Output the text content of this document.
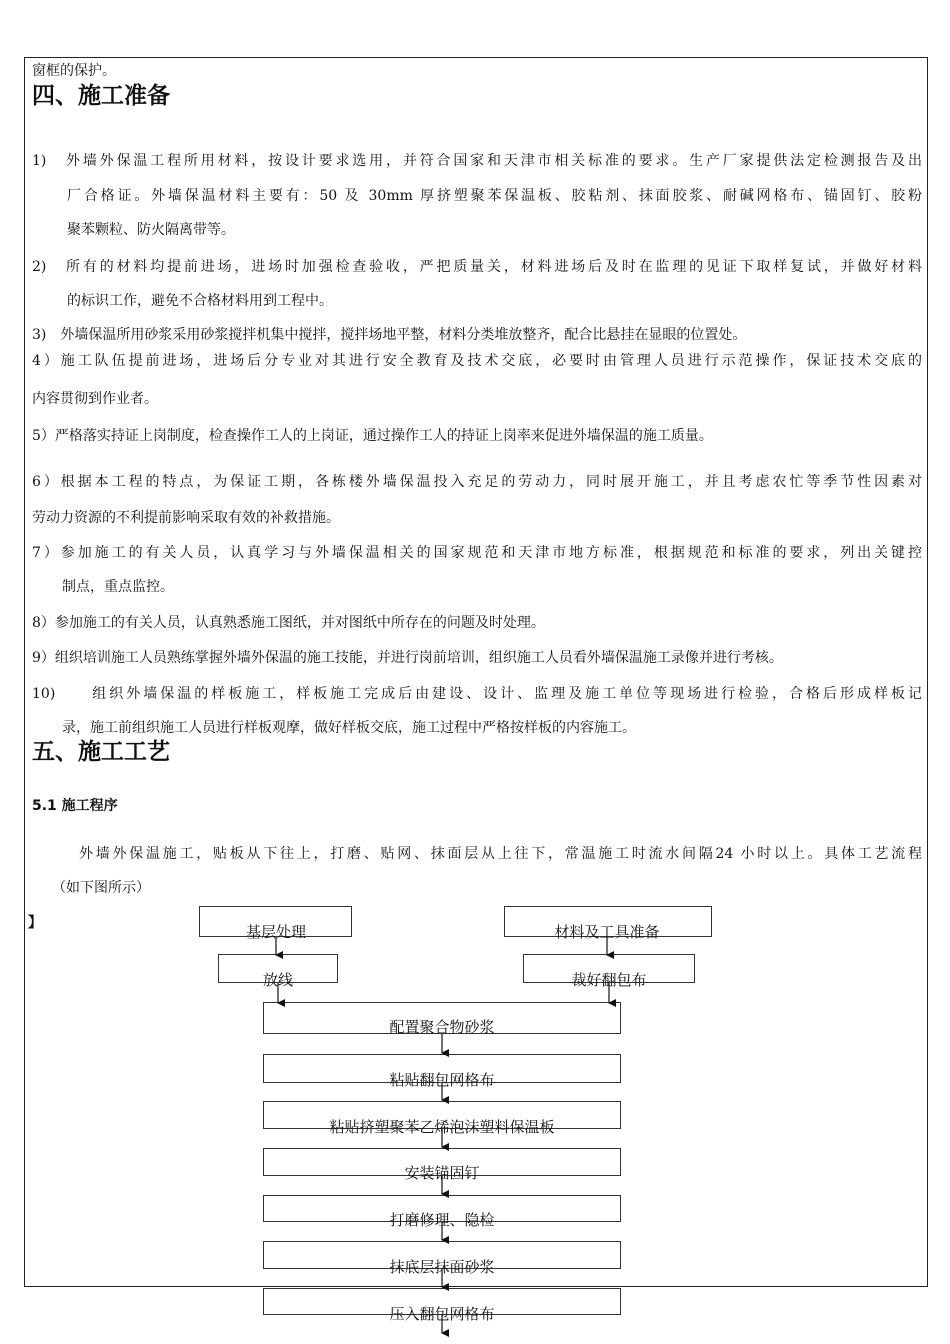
窗框的保护。
四、施工准备
1)　外墙外保温工程所用材料，按设计要求选用，并符合国家和天津市相关标准的要求。生产厂家提供法定检测报告及出
厂合格证。外墙保温材料主要有：50 及 30mm 厚挤塑聚苯保温板、胶粘剂、抹面胶浆、耐碱网格布、锚固钉、胶粉
聚苯颗粒、防火隔离带等。
2)　所有的材料均提前进场，进场时加强检查验收，严把质量关，材料进场后及时在监理的见证下取样复试，并做好材料
的标识工作，避免不合格材料用到工程中。
3)　外墙保温所用砂浆采用砂浆搅拌机集中搅拌，搅拌场地平整，材料分类堆放整齐，配合比悬挂在显眼的位置处。
4）施工队伍提前进场，进场后分专业对其进行安全教育及技术交底，必要时由管理人员进行示范操作，保证技术交底的
内容贯彻到作业者。
5）严格落实持证上岗制度，检查操作工人的上岗证，通过操作工人的持证上岗率来促进外墙保温的施工质量。
6）根据本工程的特点，为保证工期，各栋楼外墙保温投入充足的劳动力，同时展开施工，并且考虑农忙等季节性因素对
劳动力资源的不利提前影响采取有效的补救措施。
7）参加施工的有关人员，认真学习与外墙保温相关的国家规范和天津市地方标准，根据规范和标准的要求，列出关键控
制点，重点监控。
8）参加施工的有关人员，认真熟悉施工图纸，并对图纸中所存在的问题及时处理。
9）组织培训施工人员熟练掌握外墙外保温的施工技能，并进行岗前培训，组织施工人员看外墙保温施工录像并进行考核。
10)　　组织外墙保温的样板施工，样板施工完成后由建设、设计、监理及施工单位等现场进行检验，合格后形成样板记
录，施工前组织施工人员进行样板观摩，做好样板交底，施工过程中严格按样板的内容施工。
五、施工工艺
5.1 施工程序
外墙外保温施工，贴板从下往上，打磨、贴网、抹面层从上往下，常温施工时流水间隔24 小时以上。具体工艺流程
（如下图所示）
】	基层处理	材料及工具准备
放线	裁好翻包布
配置聚合物砂浆
粘贴翻包网格布
粘贴挤塑聚苯乙烯泡沫塑料保温板
安装锚固钉
打磨修理、隐检
抹底层抹面砂浆
压入翻包网格布
